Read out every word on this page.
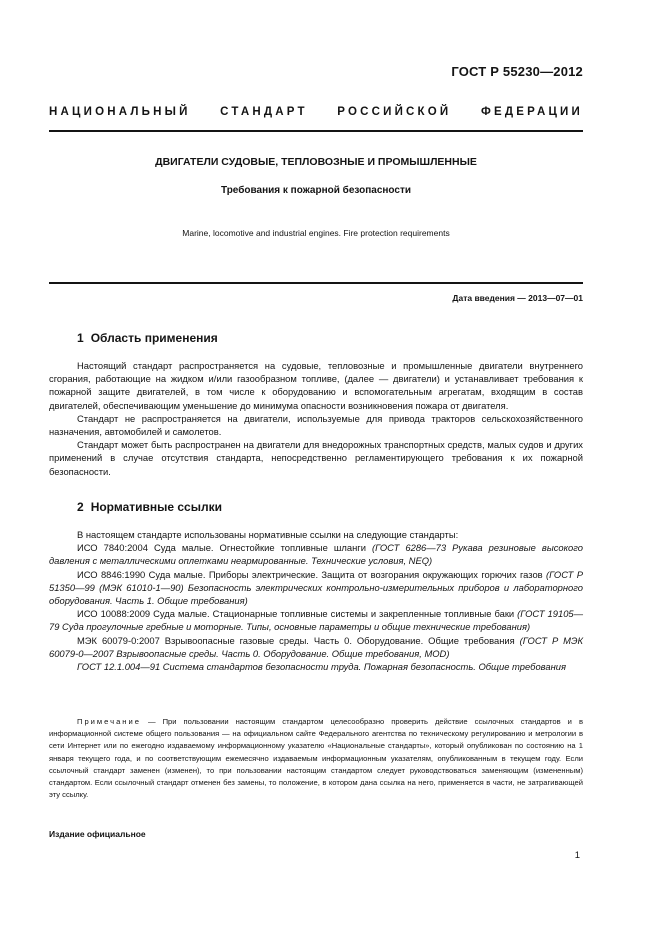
ГОСТ Р 55230—2012
НАЦИОНАЛЬНЫЙ СТАНДАРТ РОССИЙСКОЙ ФЕДЕРАЦИИ
ДВИГАТЕЛИ СУДОВЫЕ, ТЕПЛОВОЗНЫЕ И ПРОМЫШЛЕННЫЕ
Требования к пожарной безопасности
Marine, locomotive and industrial engines. Fire protection requirements
Дата введения — 2013—07—01
1 Область применения

Настоящий стандарт распространяется на судовые, тепловозные и промышленные двигатели внутреннего сгорания, работающие на жидком и/или газообразном топливе, (далее — двигатели) и устанавливает требования к пожарной защите двигателей, в том числе к оборудованию и вспомогательным агрегатам, входящим в состав двигателей, обеспечивающим уменьшение до минимума опасности возникновения пожара от двигателя.

Стандарт не распространяется на двигатели, используемые для привода тракторов сельскохозяйственного назначения, автомобилей и самолетов.

Стандарт может быть распространен на двигатели для внедорожных транспортных средств, малых судов и других применений в случае отсутствия стандарта, непосредственно регламентирующего требования к их пожарной безопасности.

2 Нормативные ссылки

В настоящем стандарте использованы нормативные ссылки на следующие стандарты:

ИСО 7840:2004 Суда малые. Огнестойкие топливные шланги (ГОСТ 6286—73 Рукава резиновые высокого давления с металлическими оплетками неармированные. Технические условия, NEQ)

ИСО 8846:1990 Суда малые. Приборы электрические. Защита от возгорания окружающих горючих газов (ГОСТ Р 51350—99 (МЭК 61010-1—90) Безопасность электрических контрольно-измерительных приборов и лабораторного оборудования. Часть 1. Общие требования)

ИСО 10088:2009 Суда малые. Стационарные топливные системы и закрепленные топливные баки (ГОСТ 19105—79 Суда прогулочные гребные и моторные. Типы, основные параметры и общие технические требования)

МЭК 60079-0:2007 Взрывоопасные газовые среды. Часть 0. Оборудование. Общие требования (ГОСТ Р МЭК 60079-0—2007 Взрывоопасные среды. Часть 0. Оборудование. Общие требования, MOD)

ГОСТ 12.1.004—91 Система стандартов безопасности труда. Пожарная безопасность. Общие требования

Примечание — При пользовании настоящим стандартом целесообразно проверить действие ссылочных стандартов и в информационной системе общего пользования — на официальном сайте Федерального агентства по техническому регулированию и метрологии в сети Интернет или по ежегодно издаваемому информационному указателю «Национальные стандарты», который опубликован по состоянию на 1 января текущего года, и по соответствующим ежемесячно издаваемым информационным указателям, опубликованным в текущем году. Если ссылочный стандарт заменен (изменен), то при пользовании настоящим стандартом следует руководствоваться заменяющим (измененным) стандартом. Если ссылочный стандарт отменен без замены, то положение, в котором дана ссылка на него, применяется в части, не затрагивающей эту ссылку.
Издание официальное
1
